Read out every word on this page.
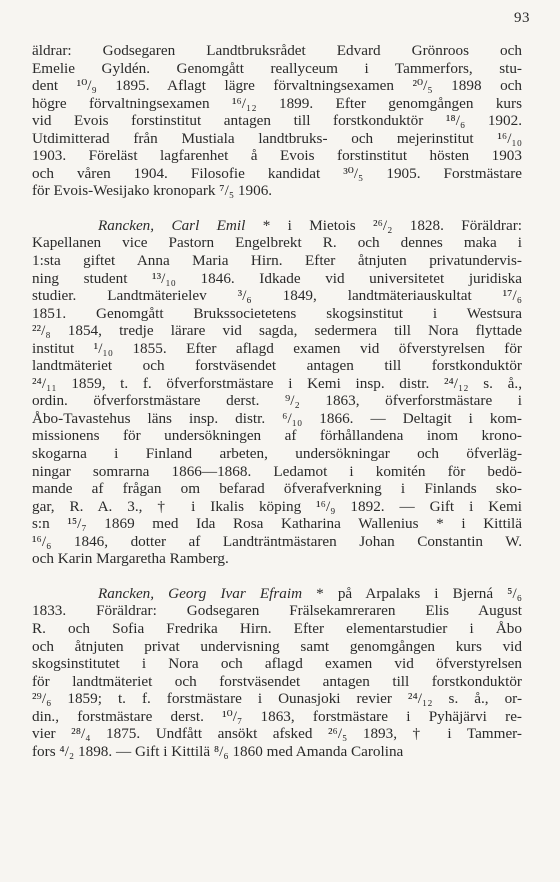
93
äldrar: Godsegaren Landtbruksrådet Edvard Grönroos och
Emelie Gyldén. Genomgått reallyceum i Tammerfors, stu-
dent ¹⁰/₉ 1895. Aflagt lägre förvaltningsexamen ²⁰/₅ 1898 och
högre förvaltningsexamen ¹⁶/₁₂ 1899. Efter genomgången kurs
vid Evois forstinstitut antagen till forstkonduktör ¹⁸/₆ 1902.
Utdimitterad från Mustiala landtbruks- och mejerinstitut ¹⁶/₁₀
1903. Föreläst lagfarenhet å Evois forstinstitut hösten 1903
och våren 1904. Filosofie kandidat ³⁰/₅ 1905. Forstmästare
för Evois-Wesijako kronopark ⁷/₅ 1906.
Rancken, Carl Emil * i Mietois ²⁶/₂ 1828. Föräldrar:
Kapellanen vice Pastorn Engelbrekt R. och dennes maka i
1:sta giftet Anna Maria Hirn. Efter åtnjuten privatundervis-
ning student ¹³/₁₀ 1846. Idkade vid universitetet juridiska
studier. Landtmäterielev ³/₆ 1849, landtmäteriauskultat ¹⁷/₆
1851. Genomgått Brukssocietetens skogsinstitut i Westsura
²²/₈ 1854, tredje lärare vid sagda, sedermera till Nora flyttade
institut ¹/₁₀ 1855. Efter aflagd examen vid öfverstyrelsen för
landtmäteriet och forstväsendet antagen till forstkonduktör
²⁴/₁₁ 1859, t. f. öfverforstmästare i Kemi insp. distr. ²⁴/₁₂ s. å.,
ordin. öfverforstmästare derst. ⁹/₂ 1863, öfverforstmästare i
Åbo-Tavastehus läns insp. distr. ⁶/₁₀ 1866. — Deltagit i kom-
missionens för undersökningen af förhållandena inom krono-
skogarna i Finland arbeten, undersökningar och öfverläg-
ningar somrarna 1866—1868. Ledamot i komitén för bedö-
mande af frågan om befarad öfverafverkning i Finlands sko-
gar, R. A. 3., † i Ikalis köping ¹⁶/₉ 1892. — Gift i Kemi
s:n ¹⁵/₇ 1869 med Ida Rosa Katharina Wallenius * i Kittilä
¹⁶/₆ 1846, dotter af Landträntmästaren Johan Constantin W.
och Karin Margaretha Ramberg.
Rancken, Georg Ivar Efraim * på Arpalaks i Bjerná ⁵/₆
1833. Föräldrar: Godsegaren Frälsekamreraren Elis August
R. och Sofia Fredrika Hirn. Efter elementarstudier i Åbo
och åtnjuten privat undervisning samt genomgången kurs vid
skogsinstitutet i Nora och aflagd examen vid öfverstyrelsen
för landtmäteriet och forstväsendet antagen till forstkonduktör
²⁹/₆ 1859; t. f. forstmästare i Ounasjoki revier ²⁴/₁₂ s. å., or-
din., forstmästare derst. ¹⁰/₇ 1863, forstmästare i Pyhäjärvi re-
vier ²⁸/₄ 1875. Undfått ansökt afsked ²⁶/₅ 1893, † i Tammer-
fors ⁴/₂ 1898. — Gift i Kittilä ⁸/₆ 1860 med Amanda Carolina
